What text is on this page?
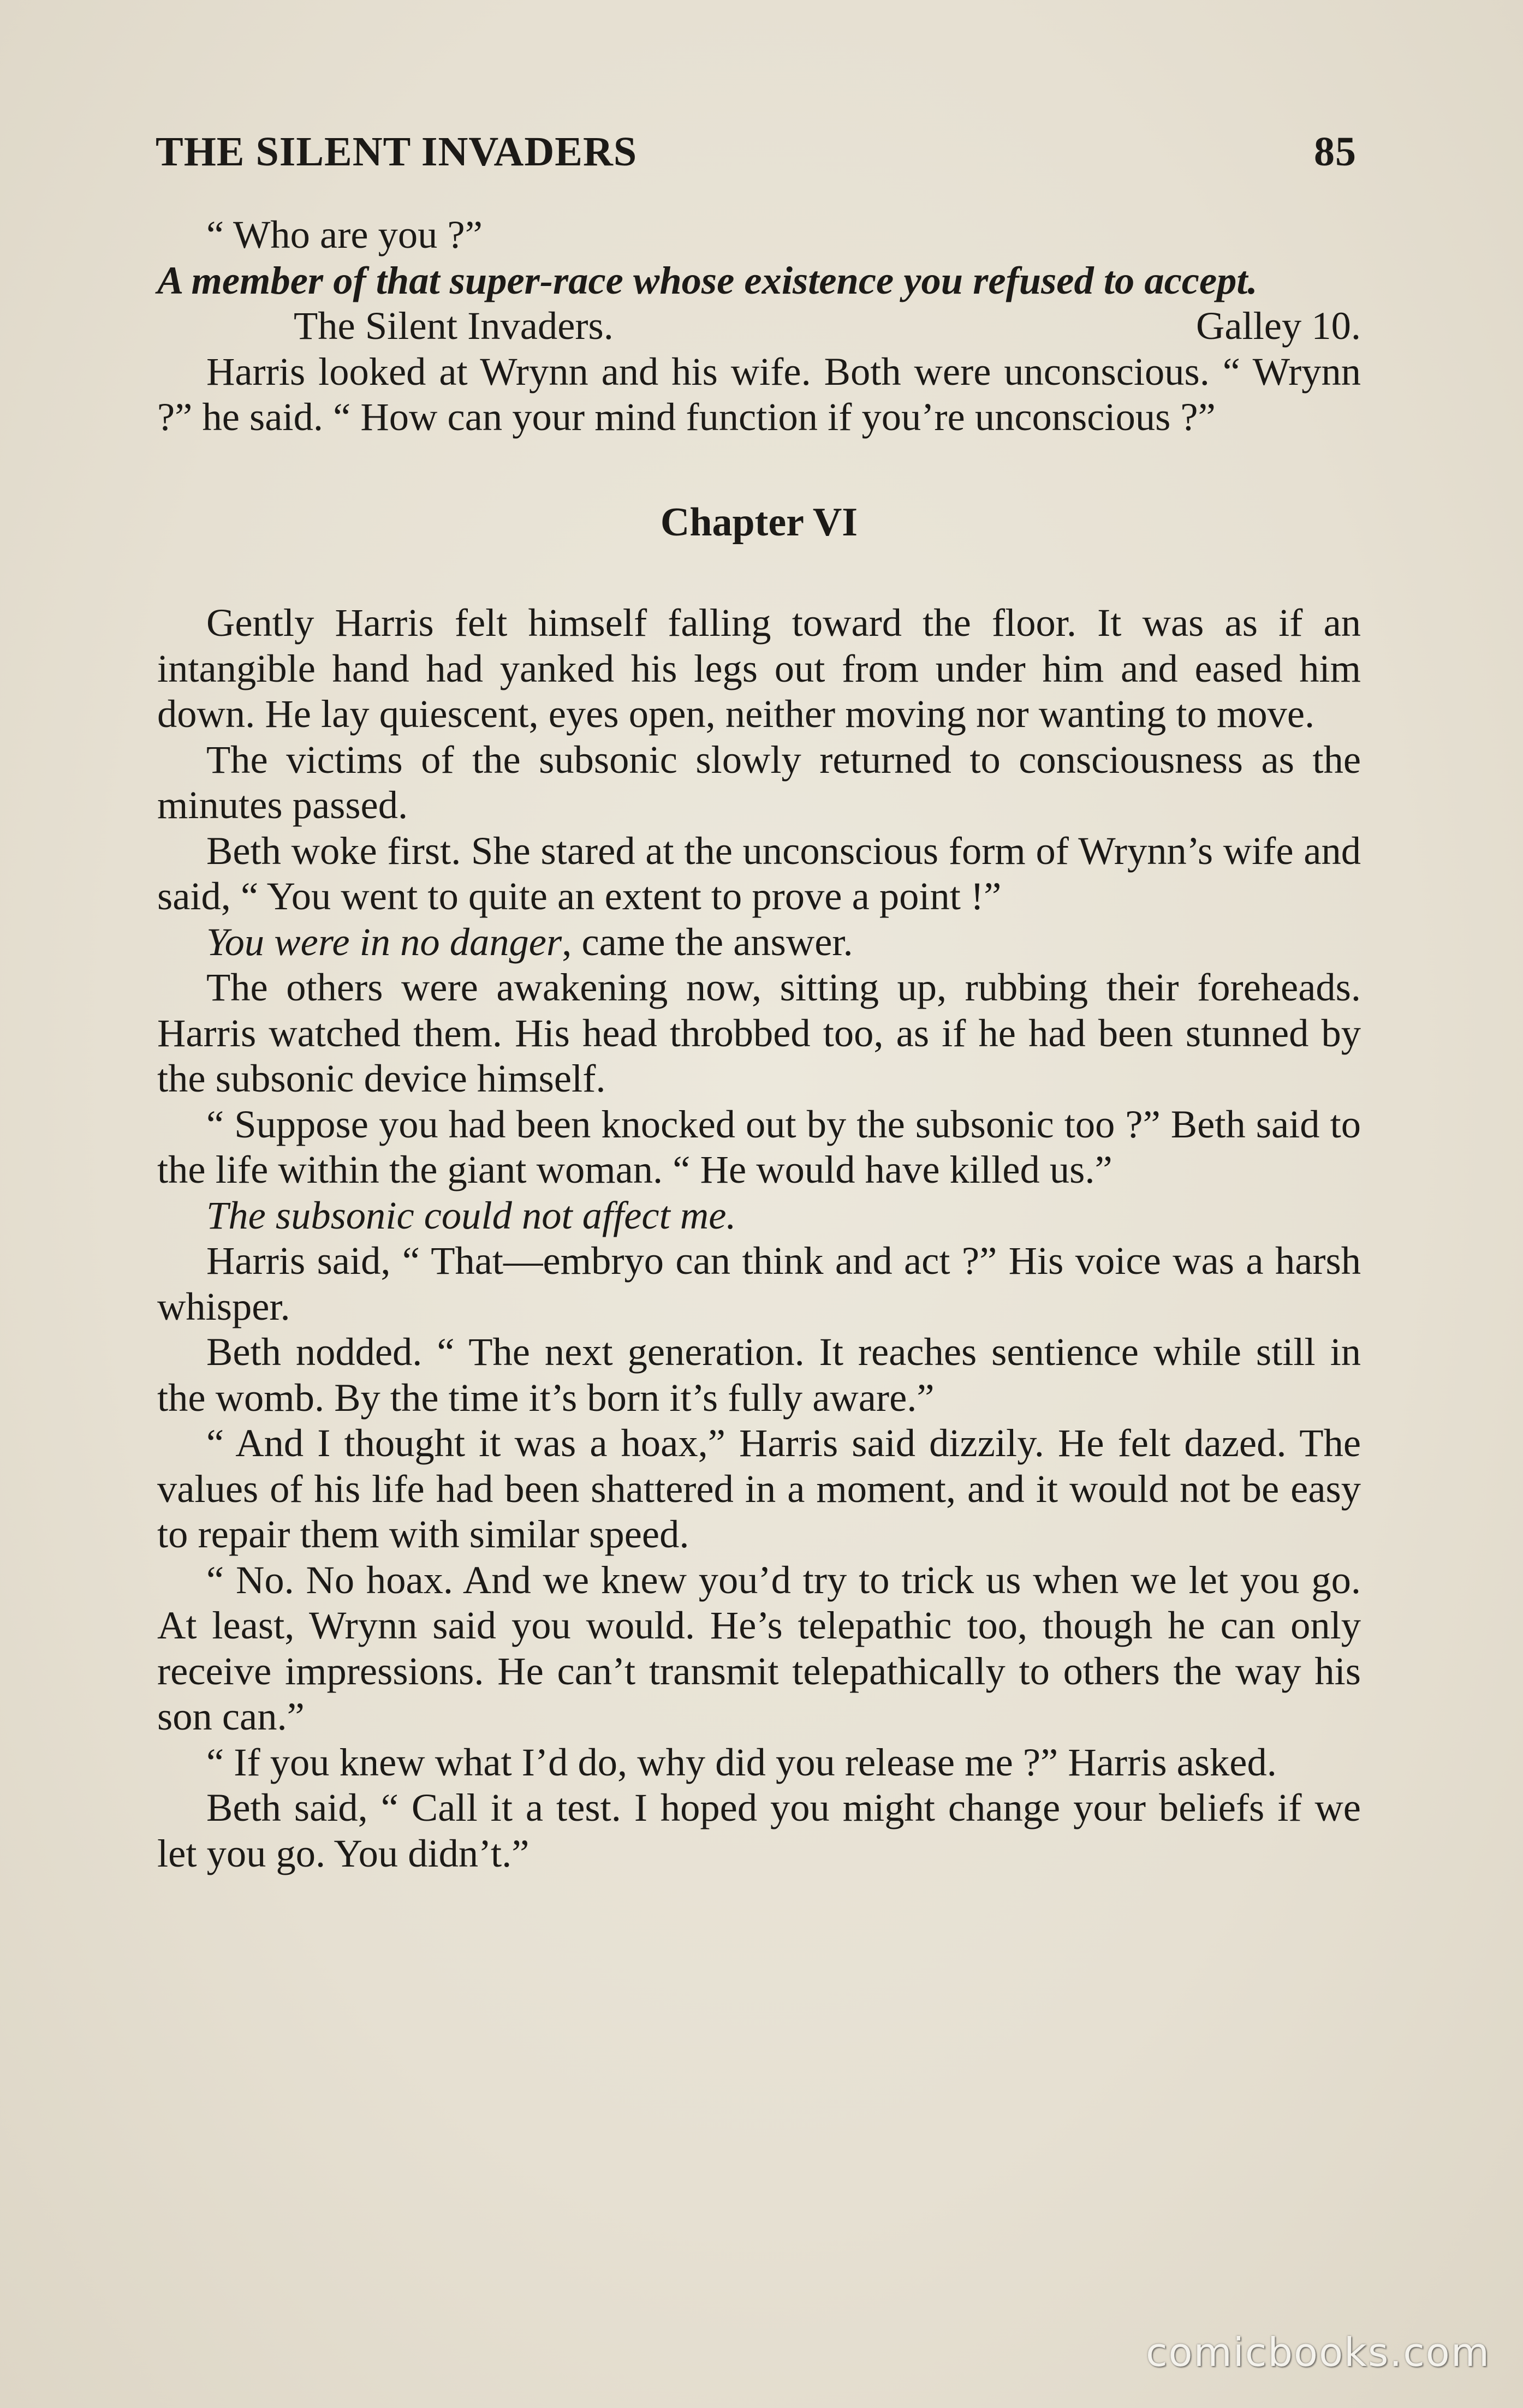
THE SILENT INVADERS	85

“ Who are you ?”

A member of that super-race whose existence you refused to accept.

The Silent Invaders.	Galley 10.

Harris looked at Wrynn and his wife. Both were unconscious. “ Wrynn ?” he said. “ How can your mind function if you’re unconscious ?”

Chapter VI

Gently Harris felt himself falling toward the floor. It was as if an intangible hand had yanked his legs out from under him and eased him down. He lay quiescent, eyes open, neither moving nor wanting to move.

The victims of the subsonic slowly returned to consciousness as the minutes passed.

Beth woke first. She stared at the unconscious form of Wrynn’s wife and said, “ You went to quite an extent to prove a point !”

You were in no danger, came the answer.

The others were awakening now, sitting up, rubbing their foreheads. Harris watched them. His head throbbed too, as if he had been stunned by the subsonic device himself.

“ Suppose you had been knocked out by the subsonic too ?” Beth said to the life within the giant woman. “ He would have killed us.”

The subsonic could not affect me.

Harris said, “ That—embryo can think and act ?” His voice was a harsh whisper.

Beth nodded. “ The next generation. It reaches sentience while still in the womb. By the time it’s born it’s fully aware.”

“ And I thought it was a hoax,” Harris said dizzily. He felt dazed. The values of his life had been shattered in a moment, and it would not be easy to repair them with similar speed.

“ No. No hoax. And we knew you’d try to trick us when we let you go. At least, Wrynn said you would. He’s telepathic too, though he can only receive impressions. He can’t transmit telepathically to others the way his son can.”

“ If you knew what I’d do, why did you release me ?” Harris asked.

Beth said, “ Call it a test. I hoped you might change your beliefs if we let you go. You didn’t.”

comicbooks.com
